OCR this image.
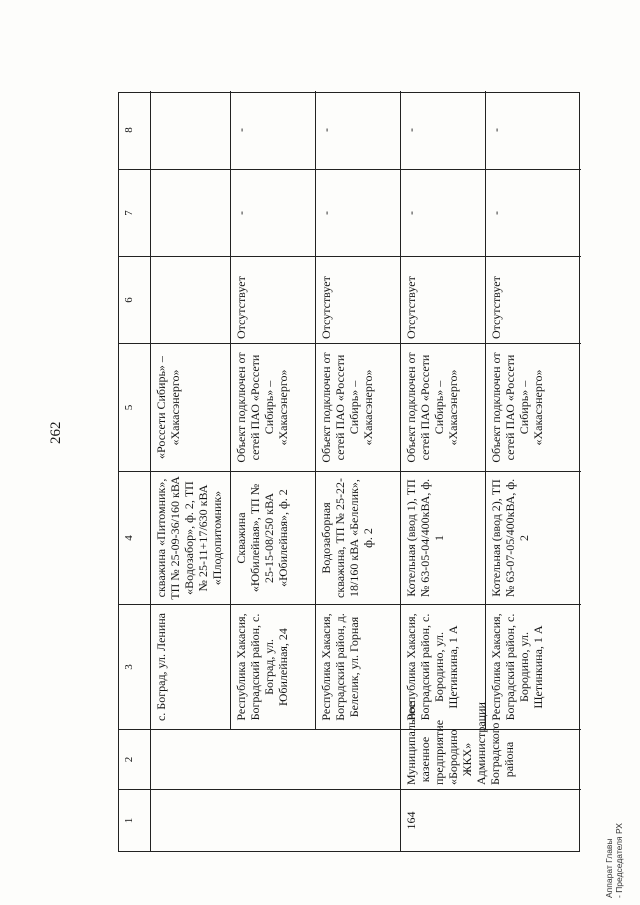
262
Аппарат Главы - Председателя РХ
1
2
3
4
5
6
7
8
с. Боград, ул. Ленина
скважина «Питомник», ТП № 25-09-36/160 кВА «Водозабор», ф. 2, ТП № 25-11+17/630 кВА «Плодопитомник»
«Россети Сибирь» – «Хакасэнерго»
Республика Хакасия, Боградский район, с. Боград, ул. Юбилейная, 24
Скважина «Юбилейная», ТП № 25-15-08/250 кВА «Юбилейная», ф. 2
Объект подключен от сетей ПАО «Россети Сибирь» – «Хакасэнерго»
Отсутствует
-
-
Республика Хакасия, Боградский район, д. Белелик, ул. Горная
Водозаборная скважина, ТП № 25-22-18/160 кВА «Белелик», ф. 2
Объект подключен от сетей ПАО «Россети Сибирь» – «Хакасэнерго»
Отсутствует
-
-
164
Муниципальное казенное предприятие «Бородино ЖКХ» Администрации Боградского района
Республика Хакасия, Боградский район, с. Бородино, ул. Щетинкина, 1 А
Котельная (ввод 1), ТП № 63-05-04/400кВА, ф. 1
Объект подключен от сетей ПАО «Россети Сибирь» – «Хакасэнерго»
Отсутствует
-
-
Республика Хакасия, Боградский район, с. Бородино, ул. Щетинкина, 1 А
Котельная (ввод 2), ТП № 63-07-05/400кВА, ф. 2
Объект подключен от сетей ПАО «Россети Сибирь» – «Хакасэнерго»
Отсутствует
-
-
